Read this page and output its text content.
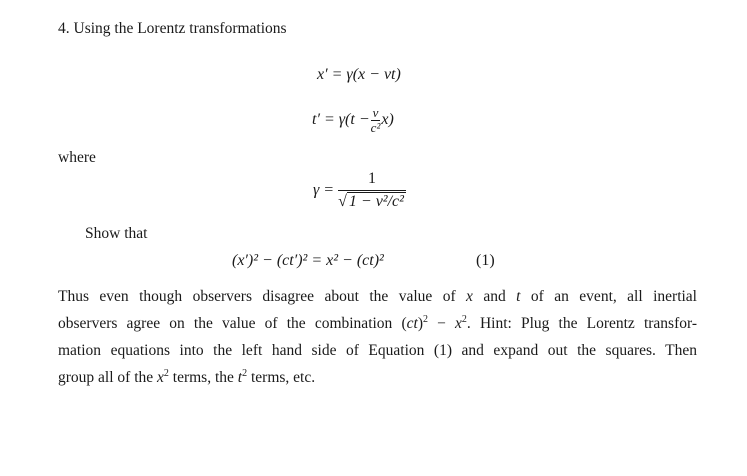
4. Using the Lorentz transformations
x′ = γ(x − vt)
$t' = \gamma(t - \frac{v}{\text{c²}} x)$
where
$\gamma = \frac{1}{\text{√ 1 − v²/c²}}$
Show that
(x′)² − (ct′)² = x² − (ct)²	(1)
Thus even though observers disagree about the value of x and t of an event, all inertial
observers agree on the value of the combination $(ct)^2 - x^2$. Hint: Plug the Lorentz transfor-
mation equations into the left hand side of Equation (1) and expand out the squares. Then
group all of the $x^2$ terms, the $t^2$ terms, etc.
